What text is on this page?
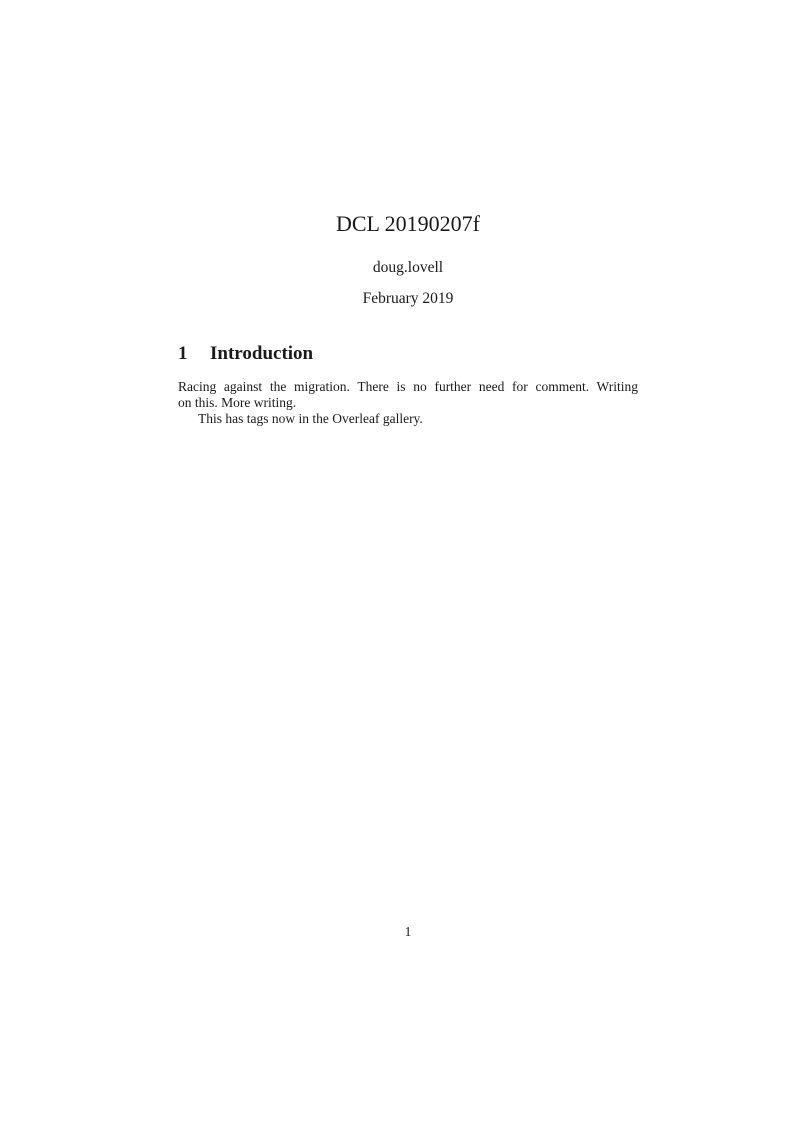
DCL 20190207f
doug.lovell
February 2019
1 Introduction
Racing against the migration. There is no further need for comment. Writing
on this. More writing.
This has tags now in the Overleaf gallery.
1
